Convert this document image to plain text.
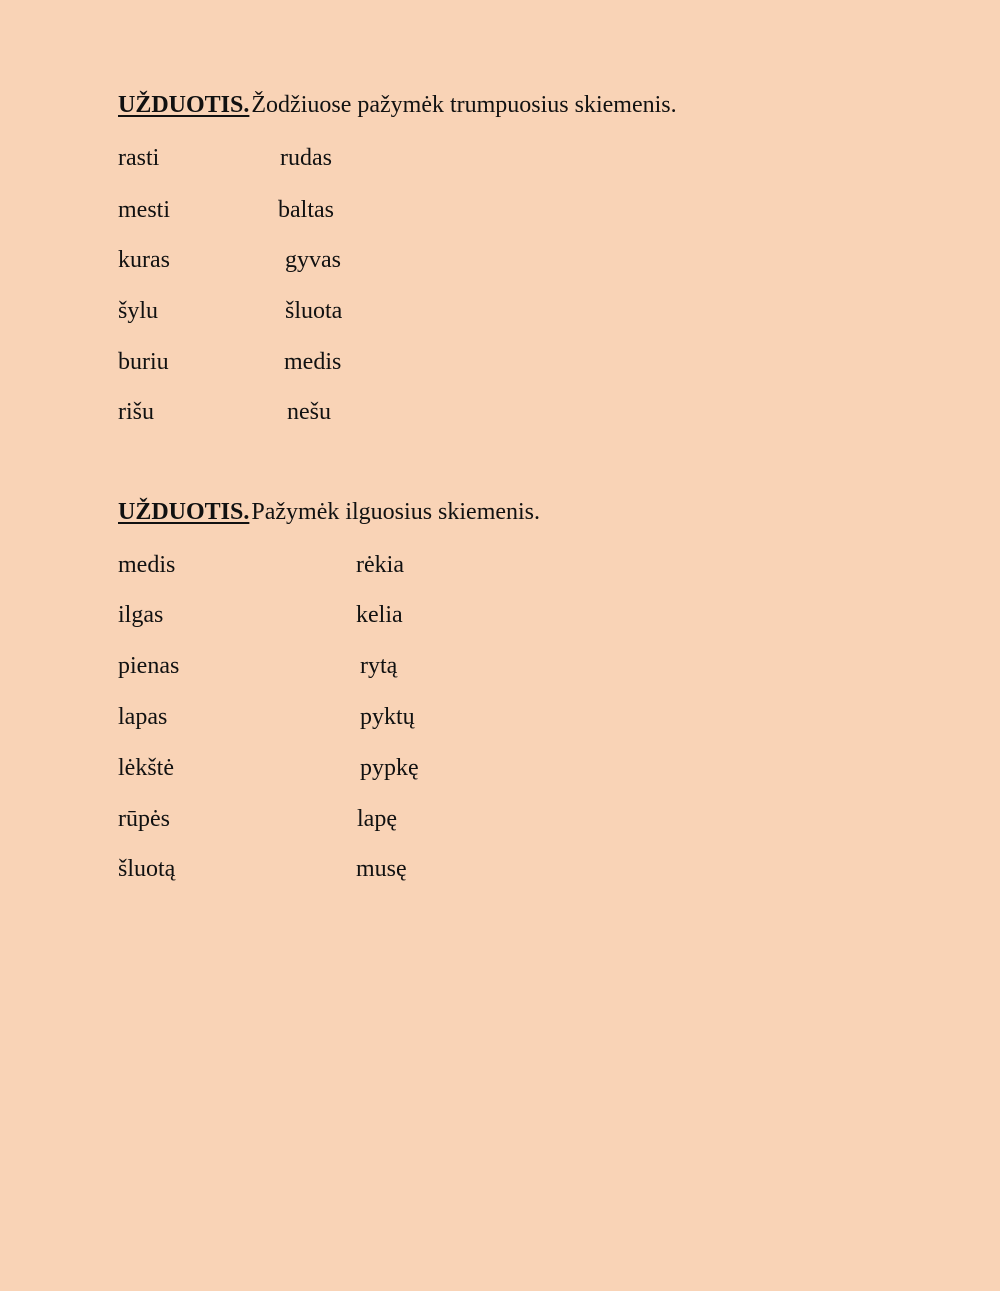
UŽDUOTIS.Žodžiuose pažymėk trumpuosius skiemenis.
rasti	rudas
mesti	baltas
kuras	gyvas
šylu	šluota
buriu	medis
rišu	nešu
UŽDUOTIS.Pažymėk ilguosius skiemenis.
medis	rėkia
ilgas	kelia
pienas	rytą
lapas	pyktų
lėkštė	pypkę
rūpės	lapę
šluotą	musę
